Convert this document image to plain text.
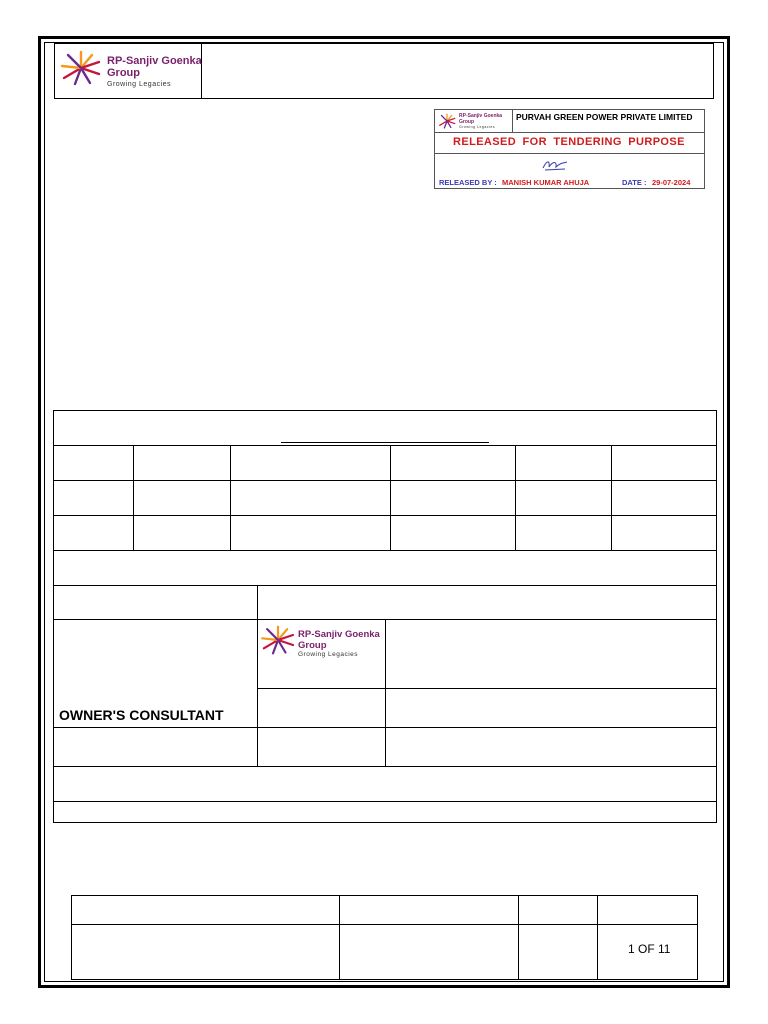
RP-Sanjiv Goenka
Group
Growing Legacies
RP-Sanjiv Goenka
Group
Growing Legacies
PURVAH GREEN POWER PRIVATE LIMITED
RELEASED FOR TENDERING PURPOSE
RELEASED BY : MANISH KUMAR AHUJA	DATE : 29-07-2024
RP-Sanjiv Goenka
Group
Growing Legacies
OWNER'S CONSULTANT
1 OF 11
